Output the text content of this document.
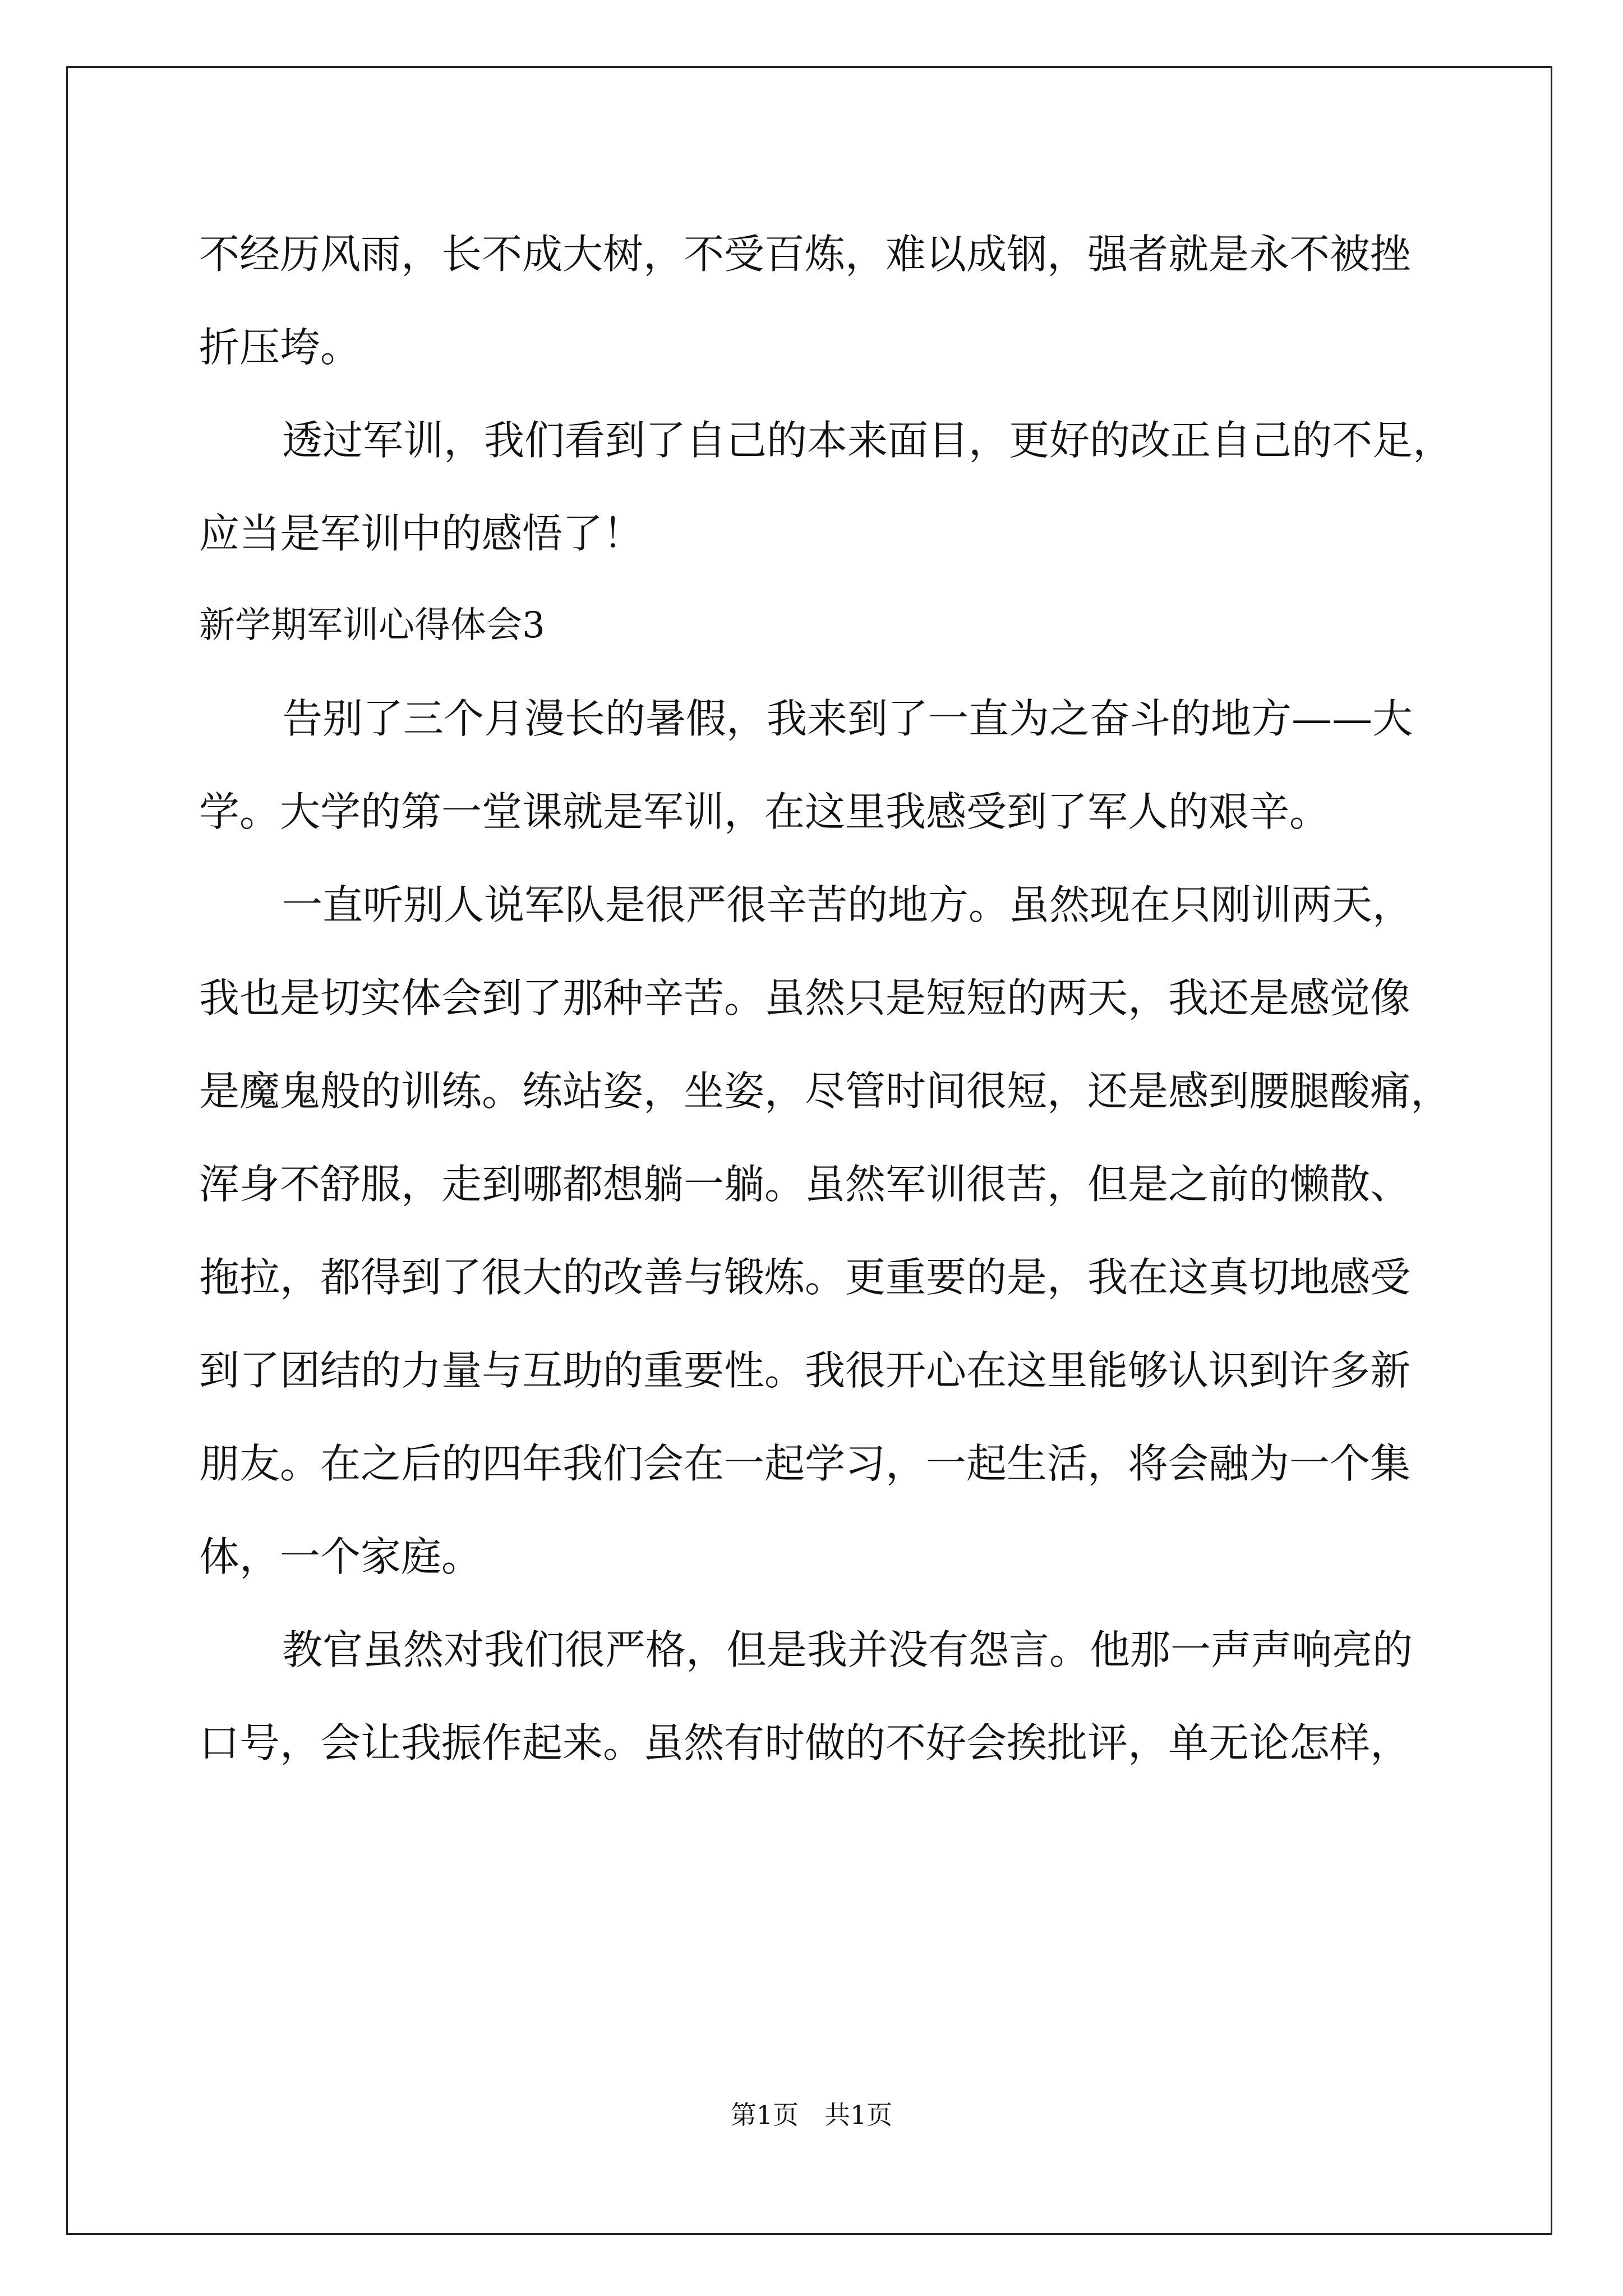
不经历风雨，长不成大树，不受百炼，难以成钢，强者就是永不被挫
折压垮。
透过军训，我们看到了自己的本来面目，更好的改正自己的不足，
应当是军训中的感悟了！
新学期军训心得体会3
告别了三个月漫长的暑假，我来到了一直为之奋斗的地方——大
学。大学的第一堂课就是军训，在这里我感受到了军人的艰辛。
一直听别人说军队是很严很辛苦的地方。虽然现在只刚训两天，
我也是切实体会到了那种辛苦。虽然只是短短的两天，我还是感觉像
是魔鬼般的训练。练站姿，坐姿，尽管时间很短，还是感到腰腿酸痛，
浑身不舒服，走到哪都想躺一躺。虽然军训很苦，但是之前的懒散、
拖拉，都得到了很大的改善与锻炼。更重要的是，我在这真切地感受
到了团结的力量与互助的重要性。我很开心在这里能够认识到许多新
朋友。在之后的四年我们会在一起学习，一起生活，将会融为一个集
体，一个家庭。
教官虽然对我们很严格，但是我并没有怨言。他那一声声响亮的
口号，会让我振作起来。虽然有时做的不好会挨批评，单无论怎样，
第1页　共1页
